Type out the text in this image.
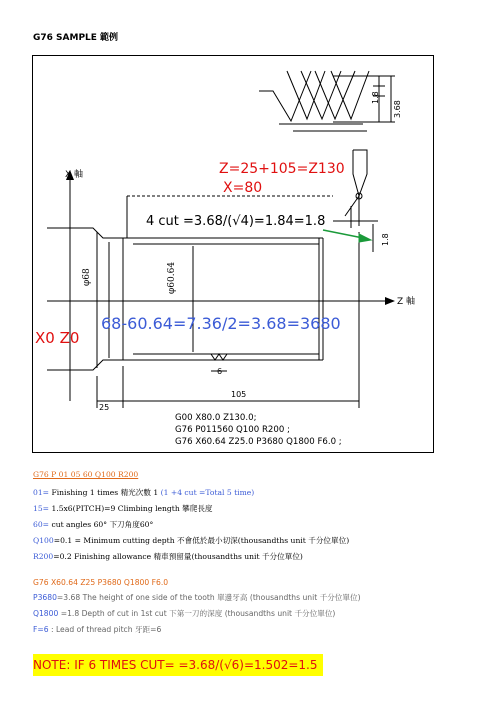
G76 SAMPLE 範例
Z=25+105=Z130
X=80
4 cut =3.68/(√4)=1.84=1.8
X 軸
Z 軸
X0 Z0
68-60.64=7.36/2=3.68=3680
φ68	φ60.64
1.8
3.68
1.8
6
25
105
G00 X80.0 Z130.0;
G76 P011560 Q100 R200 ;
G76 X60.64 Z25.0 P3680 Q1800 F6.0 ;
G76 P 01 05 60 Q100 R200
01= Finishing 1 times 精光次數 1 (1 +4 cut =Total 5 time)
15= 1.5x6(PITCH)=9 Climbing length 攀爬長度
60= cut angles 60° 下刀角度60°
Q100=0.1 = Minimum cutting depth 不會低於最小切深(thousandths unit 千分位單位)
R200=0.2 Finishing allowance 精車預留量(thousandths unit 千分位單位)
G76 X60.64 Z25 P3680 Q1800 F6.0
P3680=3.68 The height of one side of the tooth 單邊牙高 (thousandths unit 千分位單位)
Q1800 =1.8 Depth of cut in 1st cut 下第一刀的深度 (thousandths unit 千分位單位)
F=6 : Lead of thread pitch 牙距=6
NOTE: IF 6 TIMES CUT= =3.68/(√6)=1.502=1.5
